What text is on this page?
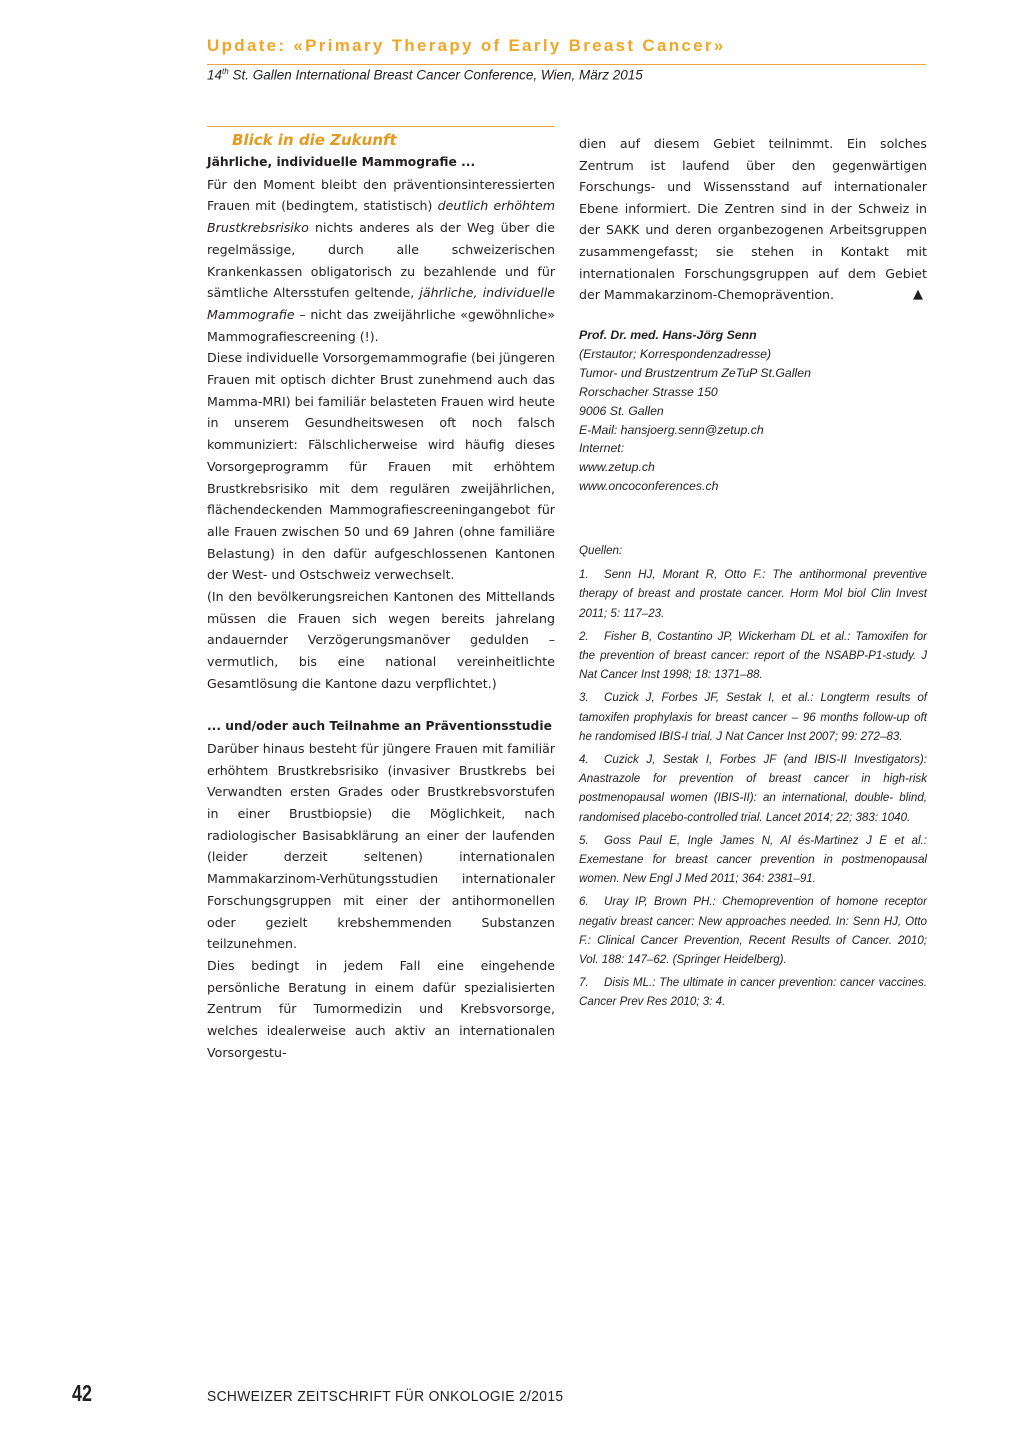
Update: «Primary Therapy of Early Breast Cancer»

14th St. Gallen International Breast Cancer Conference, Wien, März 2015

Blick in die Zukunft

Jährliche, individuelle Mammografie ...

Für den Moment bleibt den präventionsinteressierten Frauen mit (bedingtem, statistisch) deutlich erhöhtem Brustkrebsrisiko nichts anderes als der Weg über die regelmässige, durch alle schweizerischen Krankenkassen obligatorisch zu bezahlende und für sämtliche Altersstufen geltende, jährliche, individuelle Mammografie – nicht das zweijährliche «gewöhnliche» Mammografiescreening (!).

Diese individuelle Vorsorgemammografie (bei jüngeren Frauen mit optisch dichter Brust zunehmend auch das Mamma-MRI) bei familiär belasteten Frauen wird heute in unserem Gesundheitswesen oft noch falsch kommuniziert: Fälschlicherweise wird häufig dieses Vorsorgeprogramm für Frauen mit erhöhtem Brustkrebsrisiko mit dem regulären zweijährlichen, flächendeckenden Mammografiescreeningangebot für alle Frauen zwischen 50 und 69 Jahren (ohne familiäre Belastung) in den dafür aufgeschlossenen Kantonen der West- und Ostschweiz verwechselt.

(In den bevölkerungsreichen Kantonen des Mittellands müssen die Frauen sich wegen bereits jahrelang andauernder Verzögerungsmanöver gedulden – vermutlich, bis eine national vereinheitlichte Gesamtlösung die Kantone dazu verpflichtet.)

... und/oder auch Teilnahme an Präventionsstudie

Darüber hinaus besteht für jüngere Frauen mit familiär erhöhtem Brustkrebsrisiko (invasiver Brustkrebs bei Verwandten ersten Grades oder Brustkrebsvorstufen in einer Brustbiopsie) die Möglichkeit, nach radiologischer Basisabklärung an einer der laufenden (leider derzeit seltenen) internationalen Mammakarzinom-Verhütungsstudien internationaler Forschungsgruppen mit einer der antihormonellen oder gezielt krebshemmenden Substanzen teilzunehmen.

Dies bedingt in jedem Fall eine eingehende persönliche Beratung in einem dafür spezialisierten Zentrum für Tumormedizin und Krebsvorsorge, welches idealerweise auch aktiv an internationalen Vorsorgestu-

dien auf diesem Gebiet teilnimmt. Ein solches Zentrum ist laufend über den gegenwärtigen Forschungs- und Wissensstand auf internationaler Ebene informiert. Die Zentren sind in der Schweiz in der SAKK und deren organbezogenen Arbeitsgruppen zusammengefasst; sie stehen in Kontakt mit internationalen Forschungsgruppen auf dem Gebiet der Mammakarzinom-Chemoprävention.	▲

Prof. Dr. med. Hans-Jörg Senn
(Erstautor; Korrespondenzadresse)
Tumor- und Brustzentrum ZeTuP St.Gallen
Rorschacher Strasse 150
9006 St. Gallen
E-Mail: hansjoerg.senn@zetup.ch
Internet:
www.zetup.ch
www.oncoconferences.ch

Quellen:

1. Senn HJ, Morant R, Otto F.: The antihormonal preventive therapy of breast and prostate cancer. Horm Mol biol Clin Invest 2011; 5: 117–23.
2. Fisher B, Costantino JP, Wickerham DL et al.: Tamoxifen for the prevention of breast cancer: report of the NSABP-P1-study. J Nat Cancer Inst 1998; 18: 1371–88.
3. Cuzick J, Forbes JF, Sestak I, et al.: Longterm results of tamoxifen prophylaxis for breast cancer – 96 months follow-up oft he randomised IBIS-I trial. J Nat Cancer Inst 2007; 99: 272–83.
4. Cuzick J, Sestak I, Forbes JF (and IBIS-II Investigators): Anastrazole for prevention of breast cancer in high-risk postmenopausal women (IBIS-II): an international, double- blind, randomised placebo-controlled trial. Lancet 2014; 22; 383: 1040.
5. Goss Paul E, Ingle James N, Al és-Martinez J E et al.: Exemestane for breast cancer prevention in postmenopausal women. New Engl J Med 2011; 364: 2381–91.
6. Uray IP, Brown PH.: Chemoprevention of homone receptor negativ breast cancer: New approaches needed. In: Senn HJ, Otto F.: Clinical Cancer Prevention, Recent Results of Cancer. 2010; Vol. 188: 147–62. (Springer Heidelberg).
7. Disis ML.: The ultimate in cancer prevention: cancer vaccines. Cancer Prev Res 2010; 3: 4.

42	SCHWEIZER ZEITSCHRIFT FÜR ONKOLOGIE 2/2015
